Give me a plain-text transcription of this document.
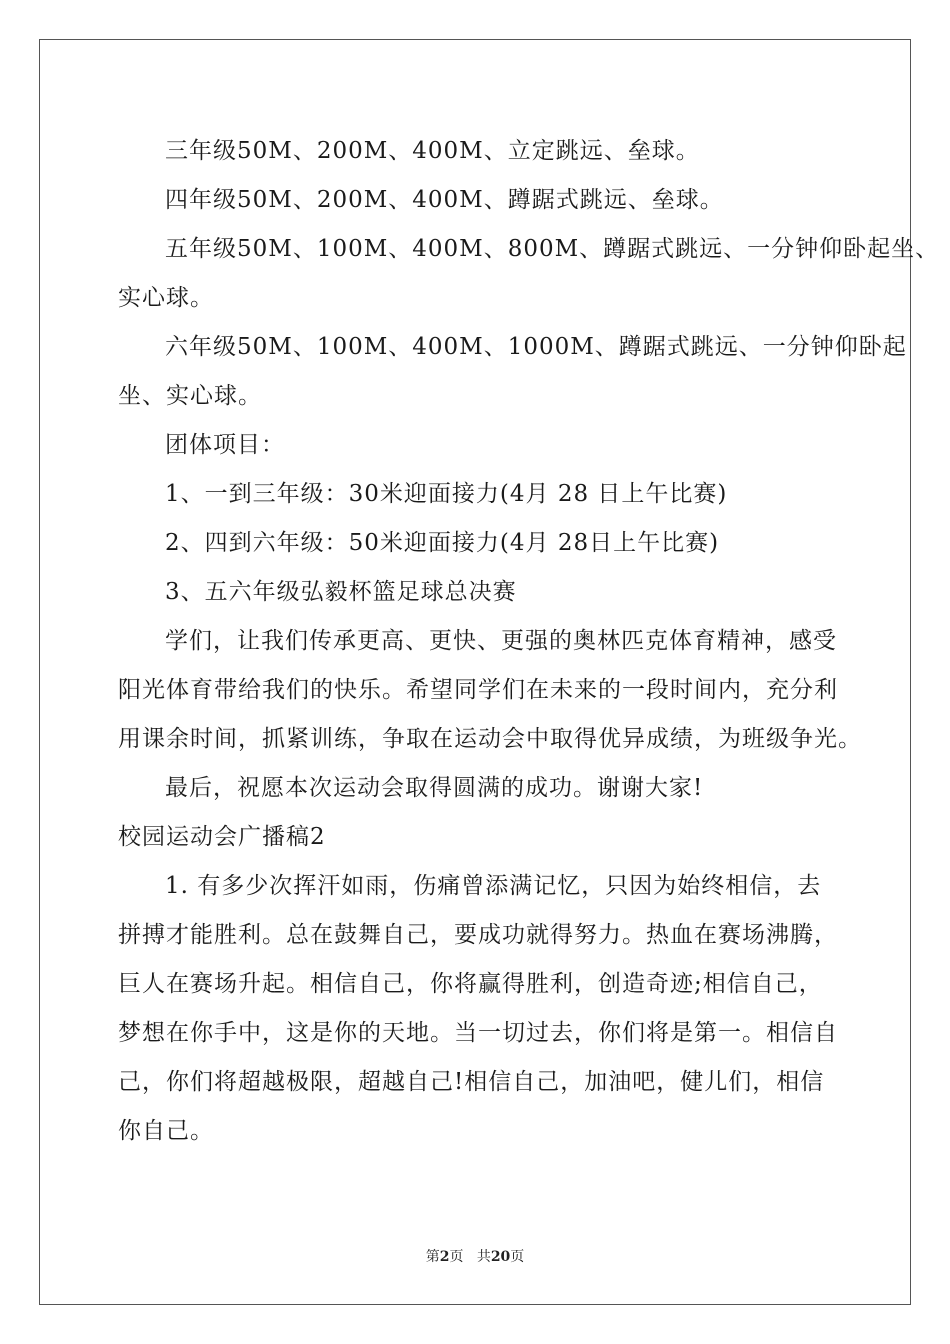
三年级50M、200M、400M、立定跳远、垒球。
四年级50M、200M、400M、蹲踞式跳远、垒球。
五年级50M、100M、400M、800M、蹲踞式跳远、一分钟仰卧起坐、
实心球。
六年级50M、100M、400M、1000M、蹲踞式跳远、一分钟仰卧起
坐、实心球。
团体项目：
1、一到三年级：30米迎面接力(4月 28 日上午比赛)
2、四到六年级：50米迎面接力(4月 28日上午比赛)
3、五六年级弘毅杯篮足球总决赛
学们，让我们传承更高、更快、更强的奥林匹克体育精神，感受
阳光体育带给我们的快乐。希望同学们在未来的一段时间内，充分利
用课余时间，抓紧训练，争取在运动会中取得优异成绩，为班级争光。
最后，祝愿本次运动会取得圆满的成功。谢谢大家!
校园运动会广播稿2
1. 有多少次挥汗如雨，伤痛曾添满记忆，只因为始终相信，去
拼搏才能胜利。总在鼓舞自己，要成功就得努力。热血在赛场沸腾，
巨人在赛场升起。相信自己，你将赢得胜利，创造奇迹;相信自己，
梦想在你手中，这是你的天地。当一切过去，你们将是第一。相信自
己，你们将超越极限，超越自己!相信自己，加油吧，健儿们，相信
你自己。
第2页 共20页
